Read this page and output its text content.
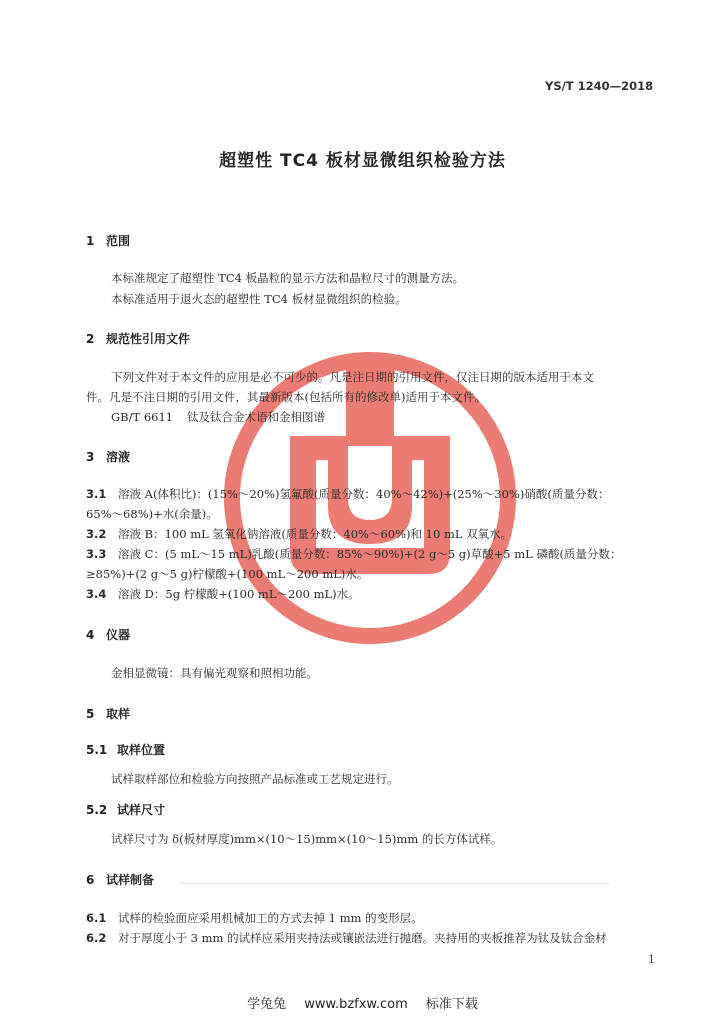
YS/T 1240—2018
超塑性 TC4 板材显微组织检验方法
1 范围
本标准规定了超塑性 TC4 板晶粒的显示方法和晶粒尺寸的测量方法。
本标准适用于退火态的超塑性 TC4 板材显微组织的检验。
2 规范性引用文件
下列文件对于本文件的应用是必不可少的。凡是注日期的引用文件，仅注日期的版本适用于本文
件。凡是不注日期的引用文件，其最新版本(包括所有的修改单)适用于本文件。
GB/T 6611 钛及钛合金术语和金相图谱
3 溶液
3.1 溶液 A(体积比)：(15%～20%)氢氟酸(质量分数：40%～42%)+(25%～30%)硝酸(质量分数：
65%～68%)+水(余量)。
3.2 溶液 B：100 mL 氢氧化钠溶液(质量分数：40%～60%)和 10 mL 双氧水。
3.3 溶液 C：(5 mL～15 mL)乳酸(质量分数：85%～90%)+(2 g～5 g)草酸+5 mL 磷酸(质量分数：
≥85%)+(2 g～5 g)柠檬酸+(100 mL～200 mL)水。
3.4 溶液 D：5g 柠檬酸+(100 mL～200 mL)水。
4 仪器
金相显微镜：具有偏光观察和照相功能。
5 取样
5.1 取样位置
试样取样部位和检验方向按照产品标准或工艺规定进行。
5.2 试样尺寸
试样尺寸为 δ(板材厚度)mm×(10～15)mm×(10～15)mm 的长方体试样。
6 试样制备
6.1 试样的检验面应采用机械加工的方式去掉 1 mm 的变形层。
6.2 对于厚度小于 3 mm 的试样应采用夹持法或镶嵌法进行抛磨。夹持用的夹板推荐为钛及钛合金材
1
学兔兔 www.bzfxw.com 标准下载
